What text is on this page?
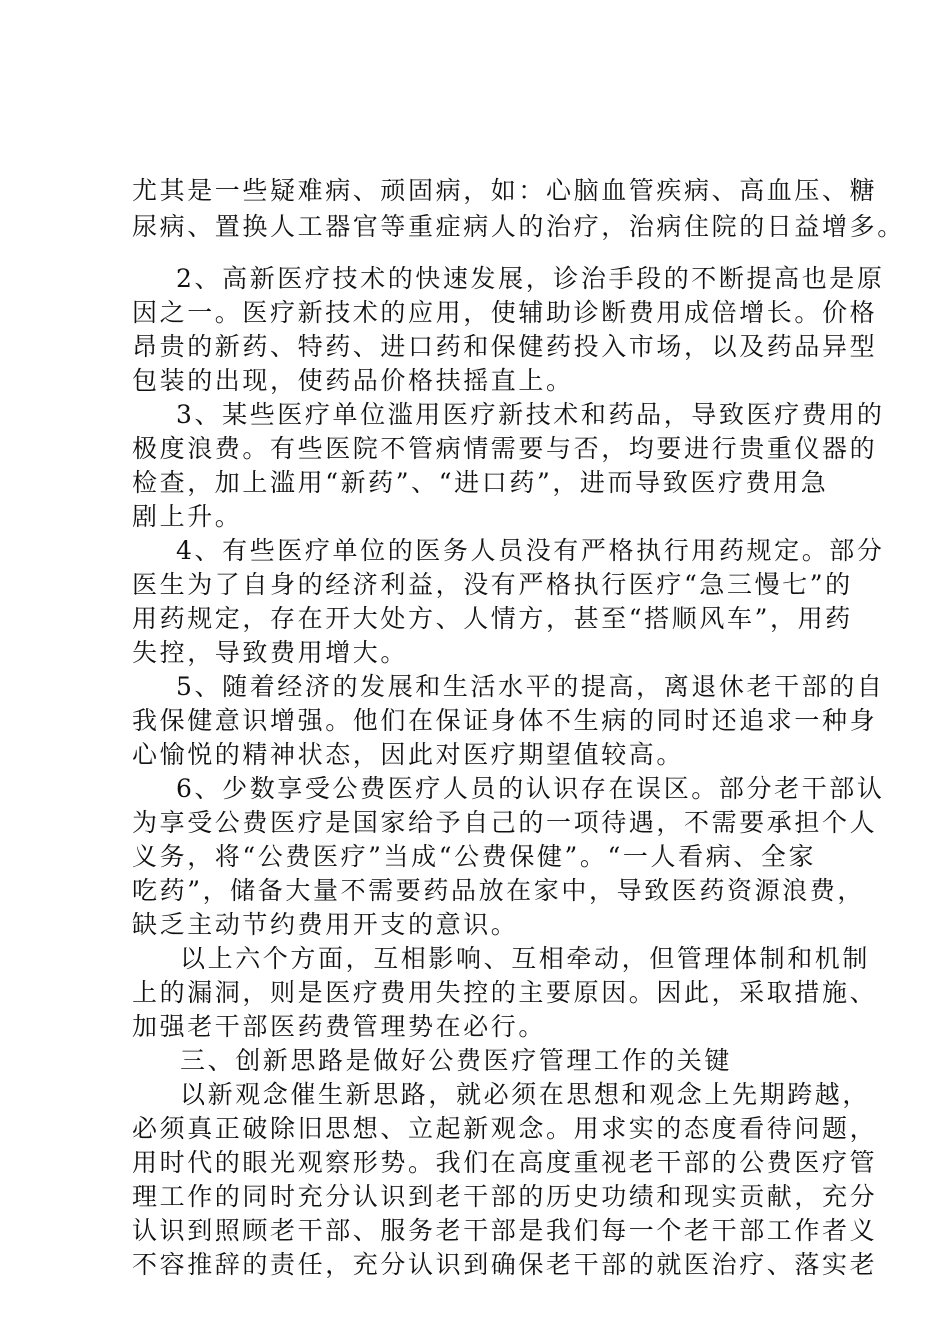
尤其是一些疑难病、顽固病，如：心脑血管疾病、高血压、糖

尿病、置换人工器官等重症病人的治疗，治病住院的日益增多。

2、高新医疗技术的快速发展，诊治手段的不断提高也是原

因之一。医疗新技术的应用，使辅助诊断费用成倍增长。价格

昂贵的新药、特药、进口药和保健药投入市场，以及药品异型

包装的出现，使药品价格扶摇直上。

3、某些医疗单位滥用医疗新技术和药品，导致医疗费用的

极度浪费。有些医院不管病情需要与否，均要进行贵重仪器的

检查，加上滥用“新药”、“进口药”，进而导致医疗费用急

剧上升。

4、有些医疗单位的医务人员没有严格执行用药规定。部分

医生为了自身的经济利益，没有严格执行医疗“急三慢七”的

用药规定，存在开大处方、人情方，甚至“搭顺风车”，用药

失控，导致费用增大。

5、随着经济的发展和生活水平的提高，离退休老干部的自

我保健意识增强。他们在保证身体不生病的同时还追求一种身

心愉悦的精神状态，因此对医疗期望值较高。

6、少数享受公费医疗人员的认识存在误区。部分老干部认

为享受公费医疗是国家给予自己的一项待遇，不需要承担个人

义务，将“公费医疗”当成“公费保健”。“一人看病、全家

吃药”，储备大量不需要药品放在家中，导致医药资源浪费，

缺乏主动节约费用开支的意识。

以上六个方面，互相影响、互相牵动，但管理体制和机制

上的漏洞，则是医疗费用失控的主要原因。因此，采取措施、

加强老干部医药费管理势在必行。

三、创新思路是做好公费医疗管理工作的关键

以新观念催生新思路，就必须在思想和观念上先期跨越，

必须真正破除旧思想、立起新观念。用求实的态度看待问题，

用时代的眼光观察形势。我们在高度重视老干部的公费医疗管

理工作的同时充分认识到老干部的历史功绩和现实贡献，充分

认识到照顾老干部、服务老干部是我们每一个老干部工作者义

不容推辞的责任，充分认识到确保老干部的就医治疗、落实老
